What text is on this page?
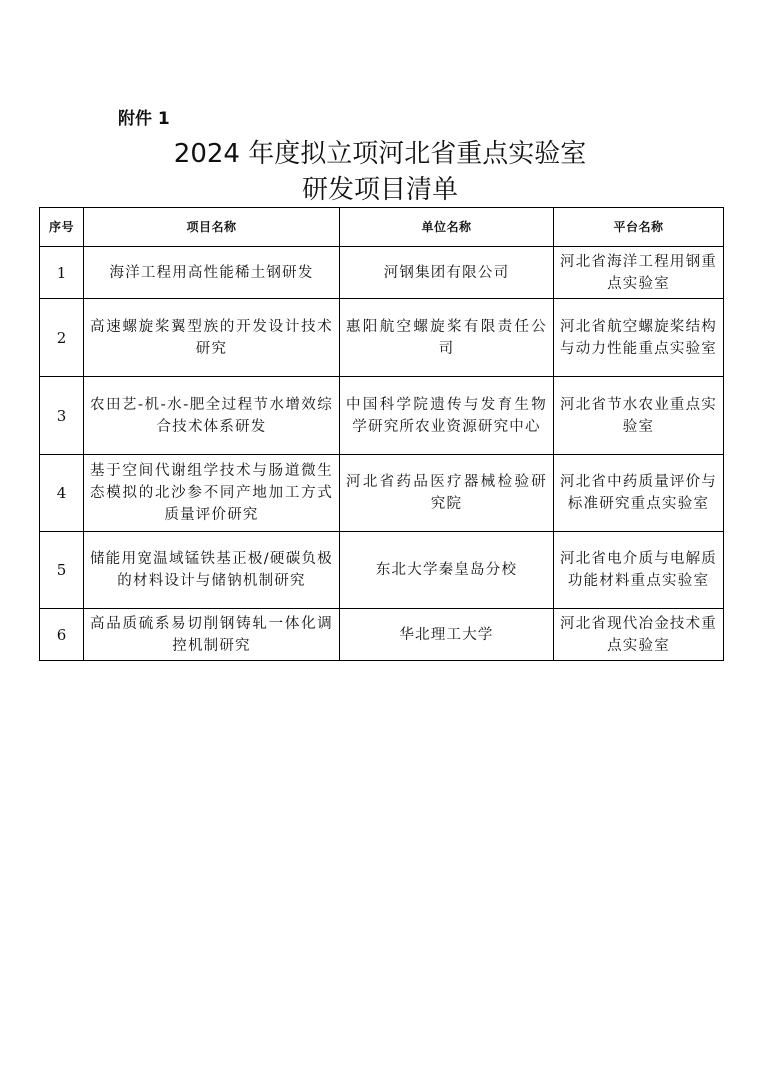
附件 1
2024 年度拟立项河北省重点实验室
研发项目清单
序号	项目名称	单位名称	平台名称
1	海洋工程用高性能稀土钢研发	河钢集团有限公司	河北省海洋工程用钢重点实验室
2	高速螺旋桨翼型族的开发设计技术研究	惠阳航空螺旋桨有限责任公司	河北省航空螺旋桨结构与动力性能重点实验室
3	农田艺-机-水-肥全过程节水增效综合技术体系研发	中国科学院遗传与发育生物学研究所农业资源研究中心	河北省节水农业重点实验室
4	基于空间代谢组学技术与肠道微生态模拟的北沙参不同产地加工方式质量评价研究	河北省药品医疗器械检验研究院	河北省中药质量评价与标准研究重点实验室
5	储能用宽温域锰铁基正极/硬碳负极的材料设计与储钠机制研究	东北大学秦皇岛分校	河北省电介质与电解质功能材料重点实验室
6	高品质硫系易切削钢铸轧一体化调控机制研究	华北理工大学	河北省现代冶金技术重点实验室
